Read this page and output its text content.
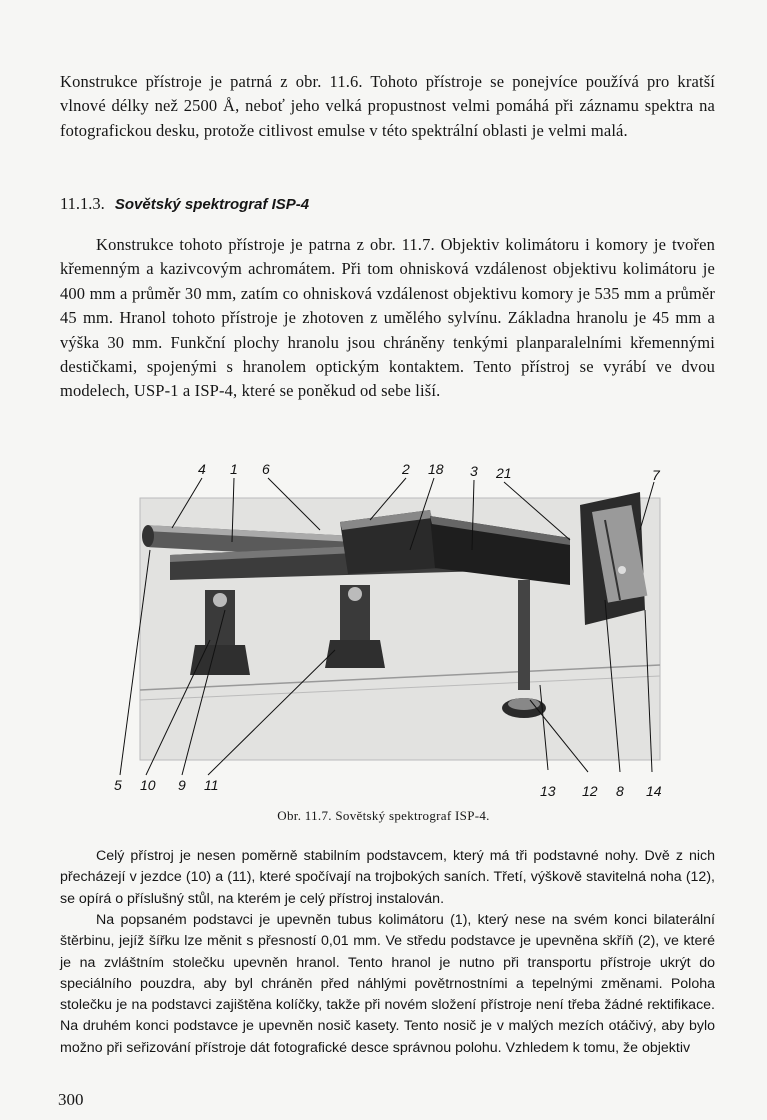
Konstrukce přístroje je patrná z obr. 11.6. Tohoto přístroje se ponejvíce používá pro kratší vlnové délky než 2500 Å, neboť jeho velká propustnost velmi pomáhá při záznamu spektra na fotografickou desku, protože citlivost emulse v této spektrální oblasti je velmi malá.

11.1.3. Sovětský spektrograf ISP-4

Konstrukce tohoto přístroje je patrna z obr. 11.7. Objektiv kolimátoru i komory je tvořen křemenným a kazivcovým achromátem. Při tom ohnisková vzdálenost objektivu kolimátoru je 400 mm a průměr 30 mm, zatím co ohnisková vzdálenost objektivu komory je 535 mm a průměr 45 mm. Hranol tohoto přístroje je zhotoven z umělého sylvínu. Základna hranolu je 45 mm a výška 30 mm. Funkční plochy hranolu jsou chráněny tenkými planparalelními křemennými destičkami, spojenými s hranolem optickým kontaktem. Tento přístroj se vyrábí ve dvou modelech, USP-1 a ISP-4, které se poněkud od sebe liší.

4 1 6	2 18 3 21	7
5 10 9 11	13 12 8 14
Obr. 11.7. Sovětský spektrograf ISP-4.

Celý přístroj je nesen poměrně stabilním podstavcem, který má tři podstavné nohy. Dvě z nich přecházejí v jezdce (10) a (11), které spočívají na trojbokých saních. Třetí, výškově stavitelná noha (12), se opírá o příslušný stůl, na kterém je celý přístroj instalován.

Na popsaném podstavci je upevněn tubus kolimátoru (1), který nese na svém konci bilaterální štěrbinu, jejíž šířku lze měnit s přesností 0,01 mm. Ve středu podstavce je upevněna skříň (2), ve které je na zvláštním stolečku upevněn hranol. Tento hranol je nutno při transportu přístroje ukrýt do speciálního pouzdra, aby byl chráněn před náhlými povětrnostními a tepelnými změnami. Poloha stolečku je na podstavci zajištěna kolíčky, takže při novém složení přístroje není třeba žádné rektifikace. Na druhém konci podstavce je upevněn nosič kasety. Tento nosič je v malých mezích otáčivý, aby bylo možno při seřizování přístroje dát fotografické desce správnou polohu. Vzhledem k tomu, že objektiv

300
